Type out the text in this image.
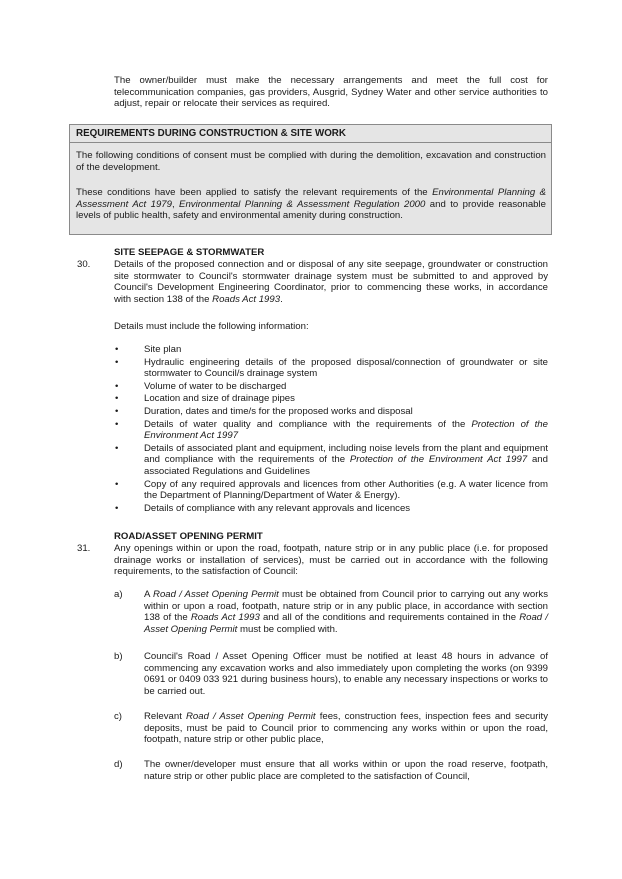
The owner/builder must make the necessary arrangements and meet the full cost for telecommunication companies, gas providers, Ausgrid, Sydney Water and other service authorities to adjust, repair or relocate their services as required.

REQUIREMENTS DURING CONSTRUCTION & SITE WORK

The following conditions of consent must be complied with during the demolition, excavation and construction of the development.

These conditions have been applied to satisfy the relevant requirements of the Environmental Planning & Assessment Act 1979, Environmental Planning & Assessment Regulation 2000 and to provide reasonable levels of public health, safety and environmental amenity during construction.

SITE SEEPAGE & STORMWATER
30. Details of the proposed connection and or disposal of any site seepage, groundwater or construction site stormwater to Council's stormwater drainage system must be submitted to and approved by Council's Development Engineering Coordinator, prior to commencing these works, in accordance with section 138 of the Roads Act 1993.

Details must include the following information:

• Site plan
• Hydraulic engineering details of the proposed disposal/connection of groundwater or site stormwater to Council/s drainage system
• Volume of water to be discharged
• Location and size of drainage pipes
• Duration, dates and time/s for the proposed works and disposal
• Details of water quality and compliance with the requirements of the Protection of the Environment Act 1997
• Details of associated plant and equipment, including noise levels from the plant and equipment and compliance with the requirements of the Protection of the Environment Act 1997 and associated Regulations and Guidelines
• Copy of any required approvals and licences from other Authorities (e.g. A water licence from the Department of Planning/Department of Water & Energy).
• Details of compliance with any relevant approvals and licences
ROAD/ASSET OPENING PERMIT
31. Any openings within or upon the road, footpath, nature strip or in any public place (i.e. for proposed drainage works or installation of services), must be carried out in accordance with the following requirements, to the satisfaction of Council:

a) A Road / Asset Opening Permit must be obtained from Council prior to carrying out any works within or upon a road, footpath, nature strip or in any public place, in accordance with section 138 of the Roads Act 1993 and all of the conditions and requirements contained in the Road / Asset Opening Permit must be complied with.

b) Council's Road / Asset Opening Officer must be notified at least 48 hours in advance of commencing any excavation works and also immediately upon completing the works (on 9399 0691 or 0409 033 921 during business hours), to enable any necessary inspections or works to be carried out.

c) Relevant Road / Asset Opening Permit fees, construction fees, inspection fees and security deposits, must be paid to Council prior to commencing any works within or upon the road, footpath, nature strip or other public place,

d) The owner/developer must ensure that all works within or upon the road reserve, footpath, nature strip or other public place are completed to the satisfaction of Council,
